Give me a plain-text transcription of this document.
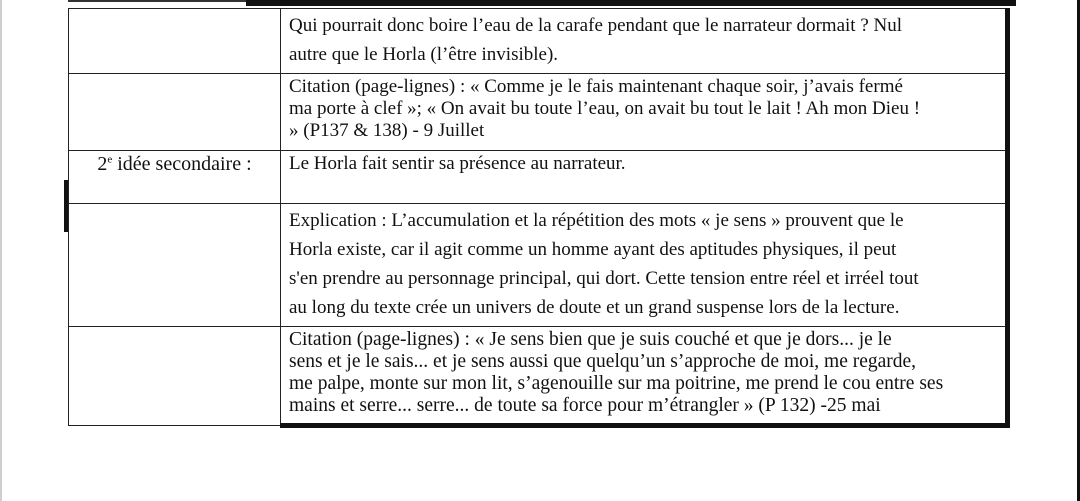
	Qui pourrait donc boire l’eau de la carafe pendant que le narrateur dormait ? Nul
autre que le Horla (l’être invisible).

	Citation (page-lignes) : « Comme je le fais maintenant chaque soir, j’avais fermé
ma porte à clef »; « On avait bu toute l’eau, on avait bu tout le lait ! Ah mon Dieu !
» (P137 & 138) - 9 Juillet

2e idée secondaire :	Le Horla fait sentir sa présence au narrateur.

	Explication : L’accumulation et la répétition des mots « je sens » prouvent que le
Horla existe, car il agit comme un homme ayant des aptitudes physiques, il peut
s'en prendre au personnage principal, qui dort. Cette tension entre réel et irréel tout
au long du texte crée un univers de doute et un grand suspense lors de la lecture.

	Citation (page-lignes) : « Je sens bien que je suis couché et que je dors... je le
sens et je le sais... et je sens aussi que quelqu’un s’approche de moi, me regarde,
me palpe, monte sur mon lit, s’agenouille sur ma poitrine, me prend le cou entre ses
mains et serre... serre... de toute sa force pour m’étrangler » (P 132) -25 mai
